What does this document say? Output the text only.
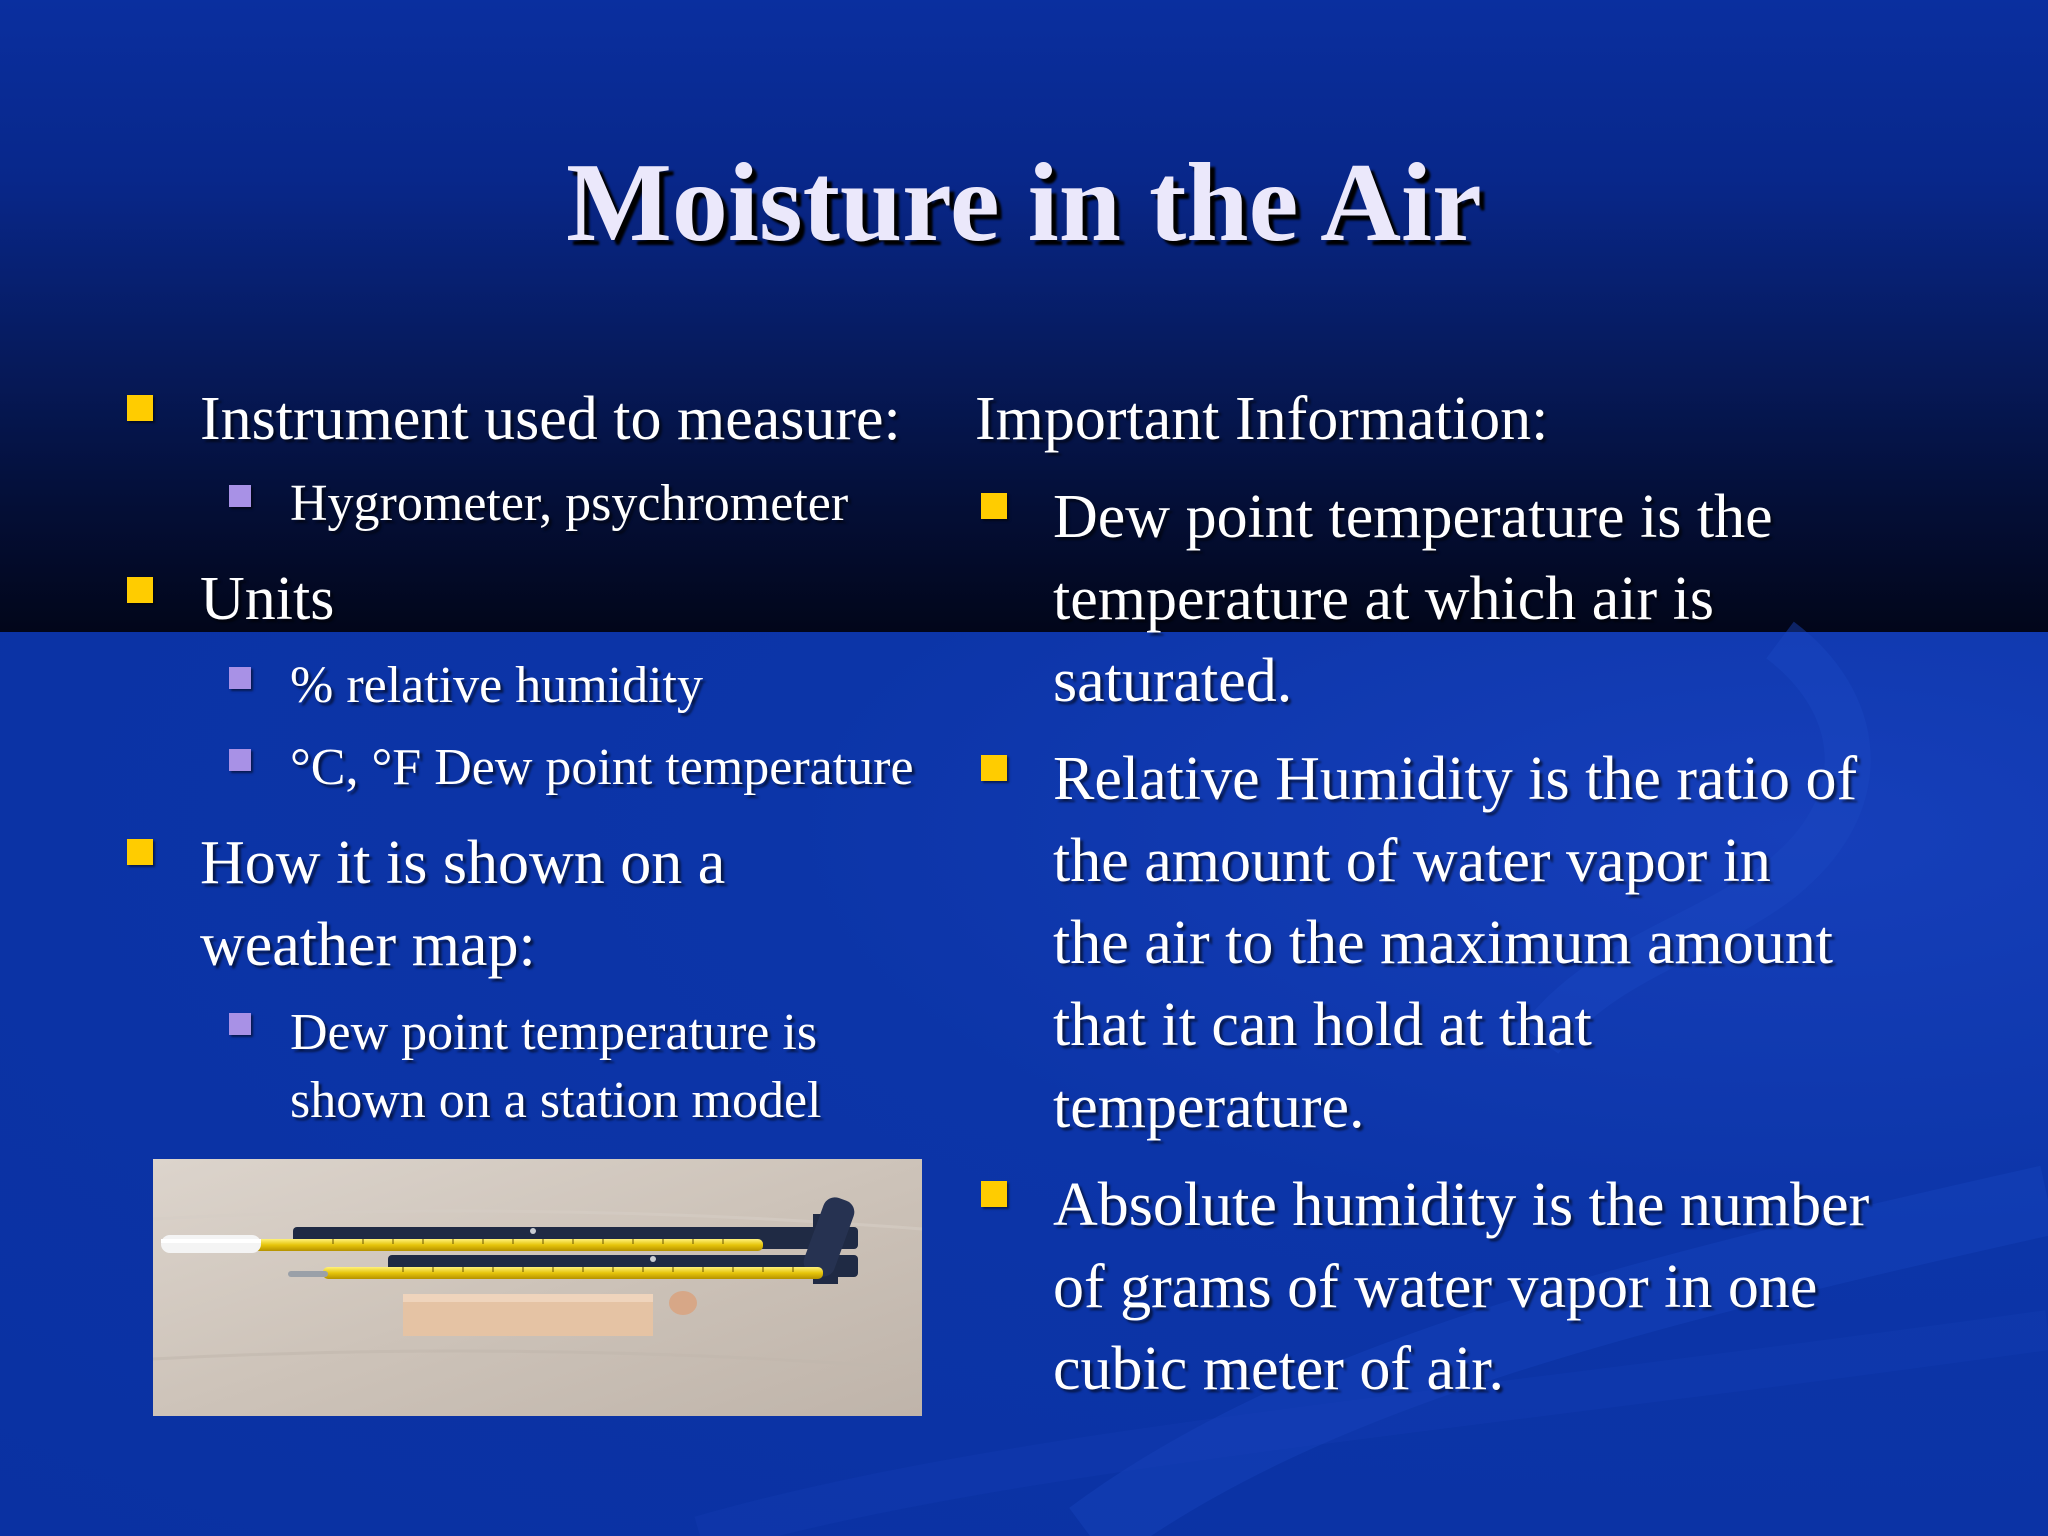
Moisture in the Air
Instrument used to measure:
Hygrometer, psychrometer
Units
% relative humidity
°C, °F Dew point temperature
How it is shown on a
weather map:
Dew point temperature is
shown on a station model
Important Information:
Dew point temperature is the
temperature at which air is
saturated.
Relative Humidity is the ratio of
the amount of water vapor in
the air to the maximum amount
that it can hold at that
temperature.
Absolute humidity is the number
of grams of water vapor in one
cubic meter of air.
